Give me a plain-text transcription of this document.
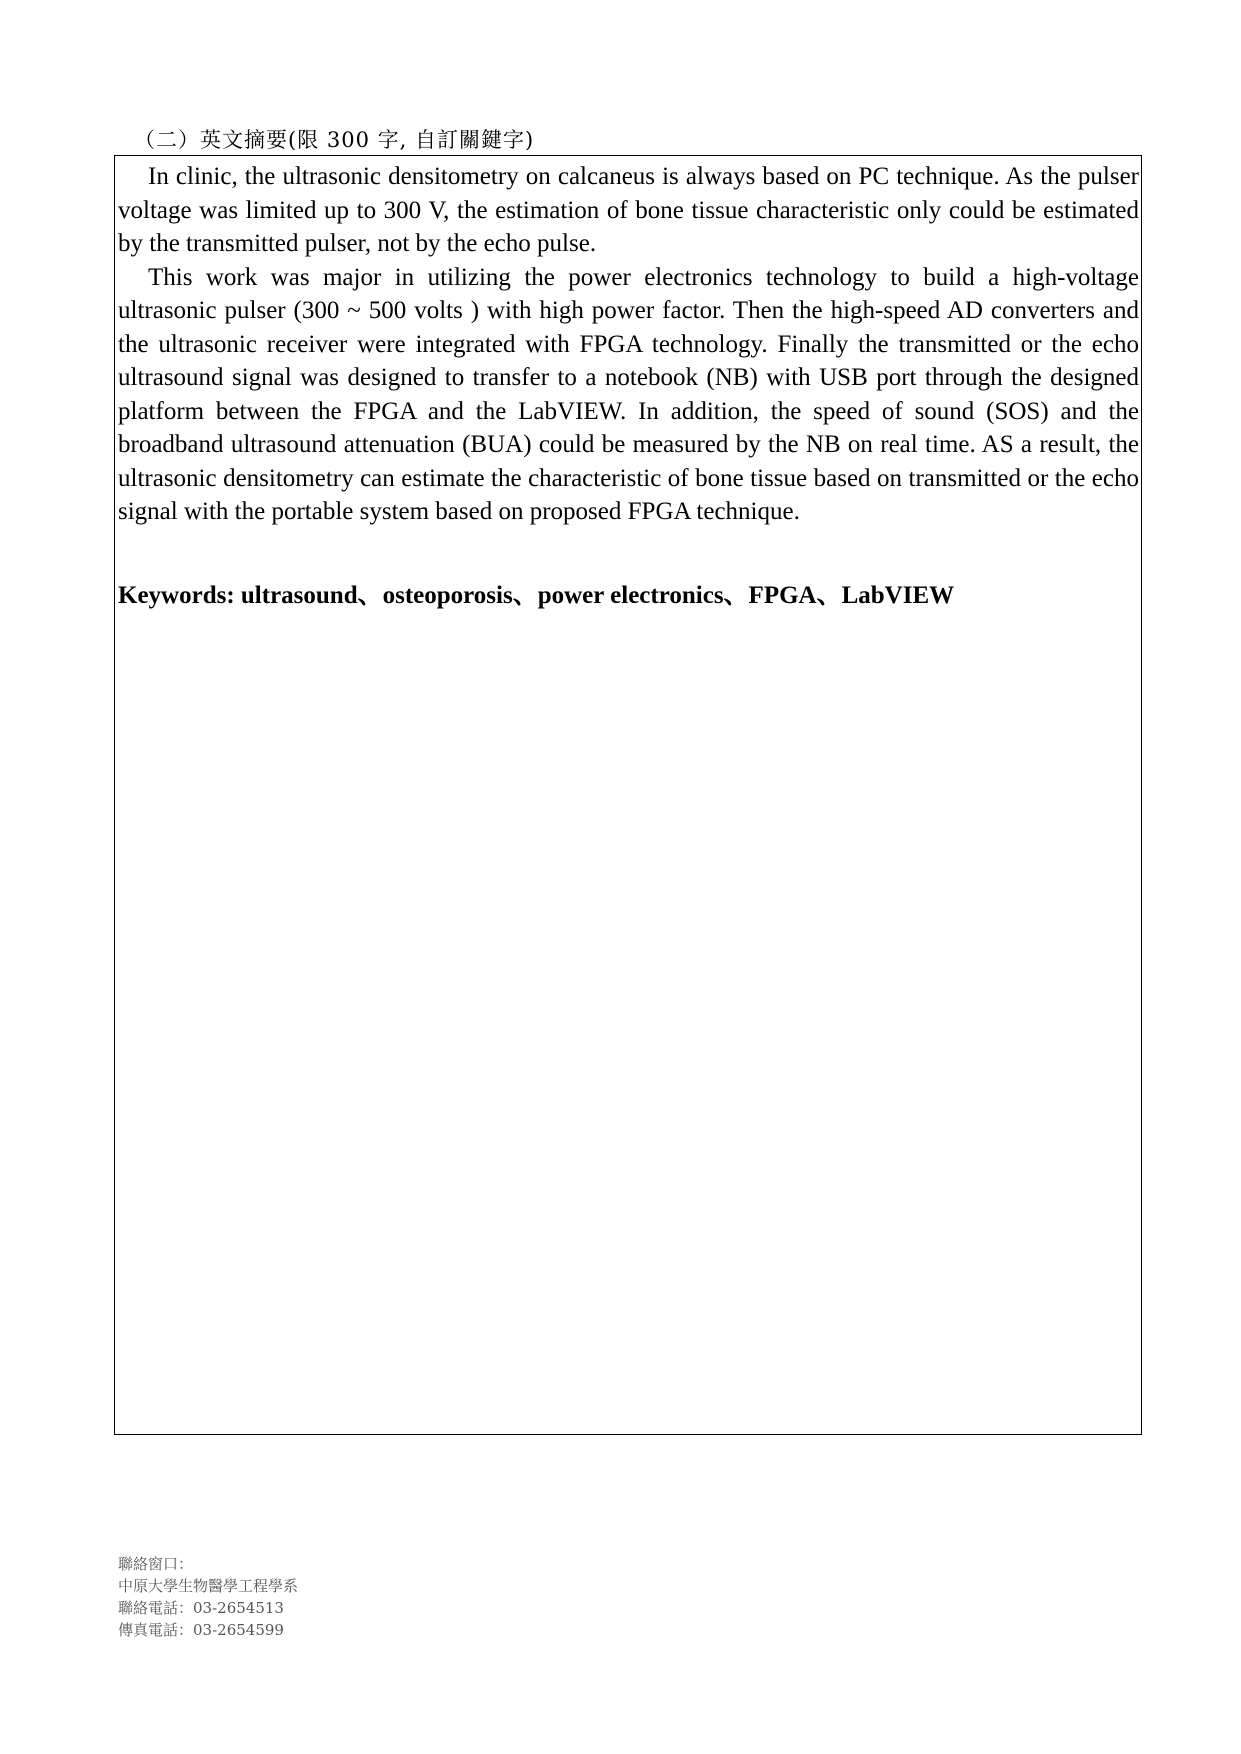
（二）英文摘要(限 300 字, 自訂關鍵字)

In clinic, the ultrasonic densitometry on calcaneus is always based on PC technique. As the pulser voltage was limited up to 300 V, the estimation of bone tissue characteristic only could be estimated by the transmitted pulser, not by the echo pulse.

This work was major in utilizing the power electronics technology to build a high-voltage ultrasonic pulser (300 ~ 500 volts ) with high power factor. Then the high-speed AD converters and the ultrasonic receiver were integrated with FPGA technology. Finally the transmitted or the echo ultrasound signal was designed to transfer to a notebook (NB) with USB port through the designed platform between the FPGA and the LabVIEW. In addition, the speed of sound (SOS) and the broadband ultrasound attenuation (BUA) could be measured by the NB on real time. AS a result, the ultrasonic densitometry can estimate the characteristic of bone tissue based on transmitted or the echo signal with the portable system based on proposed FPGA technique.

Keywords: ultrasound、osteoporosis、power electronics、FPGA、LabVIEW

聯絡窗口：
中原大學生物醫學工程學系
聯絡電話：03-2654513
傳真電話：03-2654599
